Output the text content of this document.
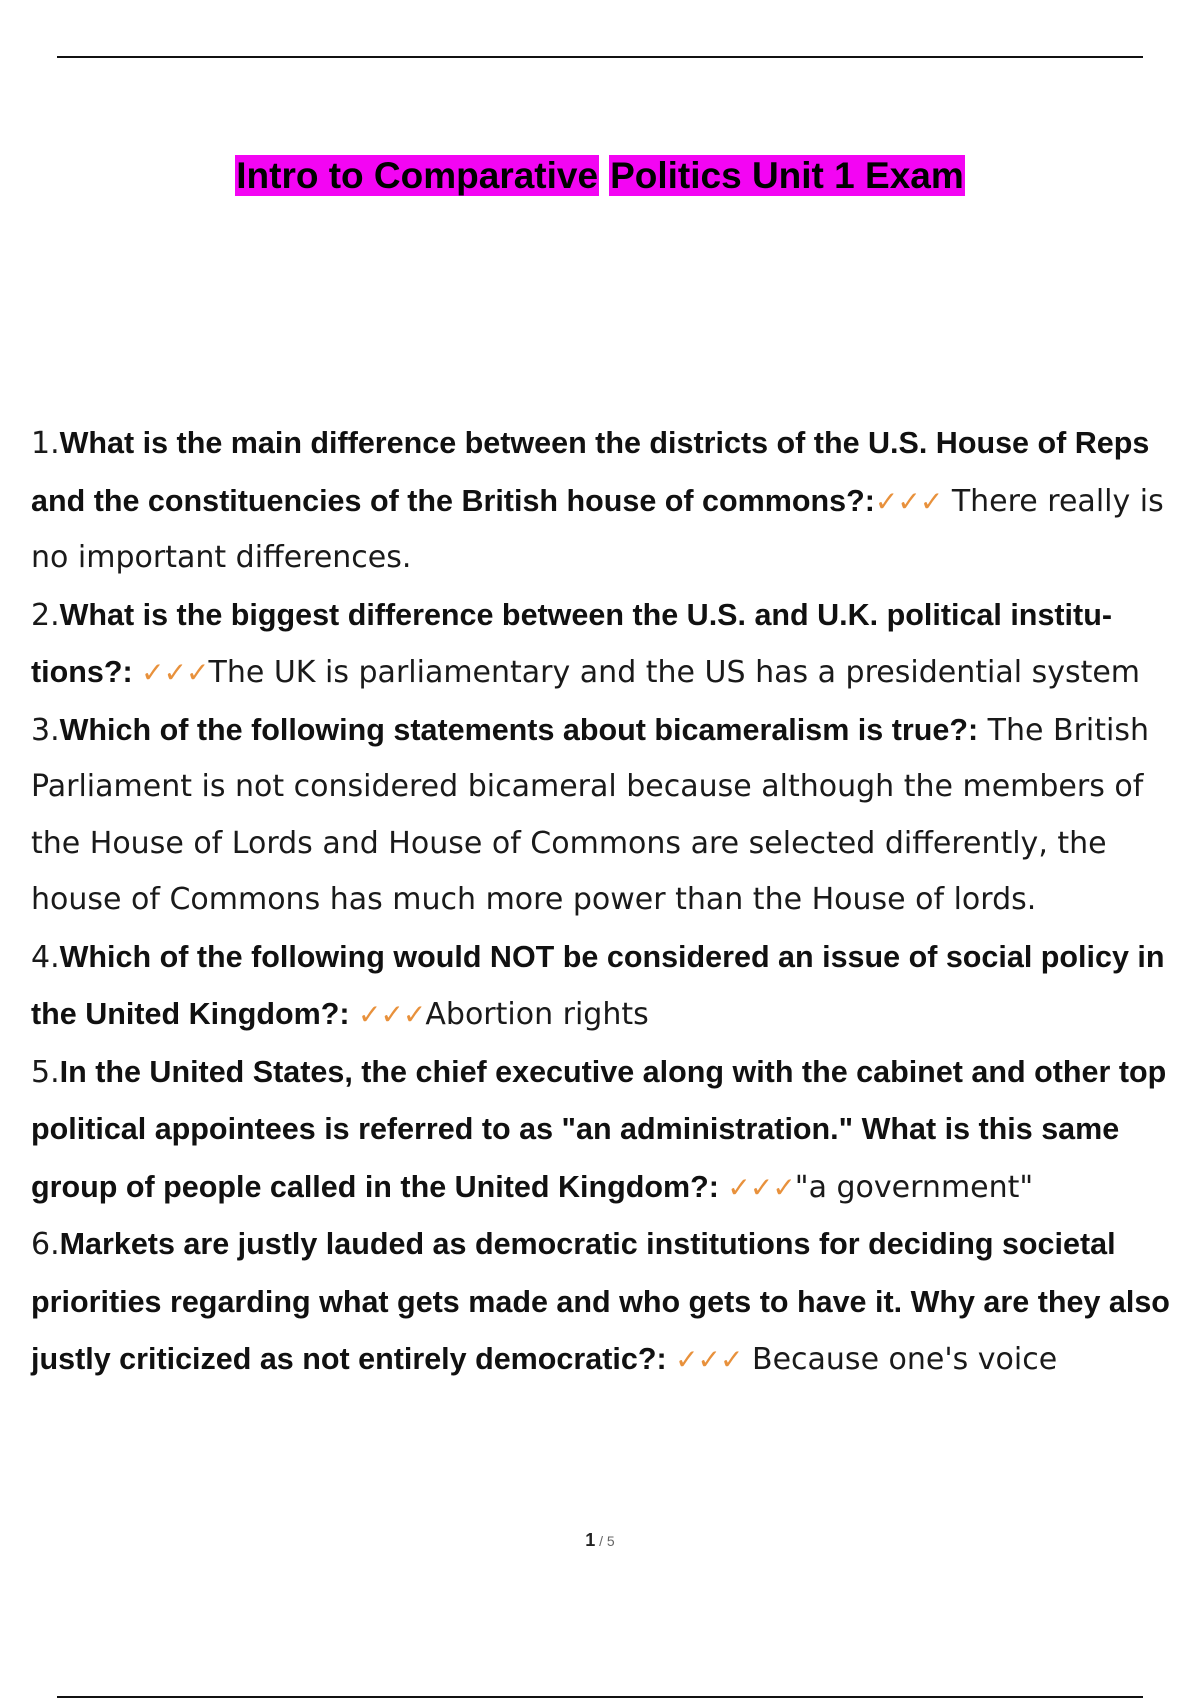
Intro to Comparative Politics Unit 1 Exam
1.What is the main difference between the districts of the U.S. House of Reps and the constituencies of the British house of commons?:✓✓✓ There really is no important differences.
2.What is the biggest difference between the U.S. and U.K. political institu- tions?: ✓✓✓The UK is parliamentary and the US has a presidential system
3.Which of the following statements about bicameralism is true?: The British Parliament is not considered bicameral because although the members of the House of Lords and House of Commons are selected differently, the house of Commons has much more power than the House of lords.
4.Which of the following would NOT be considered an issue of social policy in the United Kingdom?: ✓✓✓Abortion rights
5.In the United States, the chief executive along with the cabinet and other top political appointees is referred to as "an administration." What is this same group of people called in the United Kingdom?: ✓✓✓"a government"
6.Markets are justly lauded as democratic institutions for deciding societal priorities regarding what gets made and who gets to have it. Why are they also justly criticized as not entirely democratic?: ✓✓✓ Because one's voice
1 / 5
